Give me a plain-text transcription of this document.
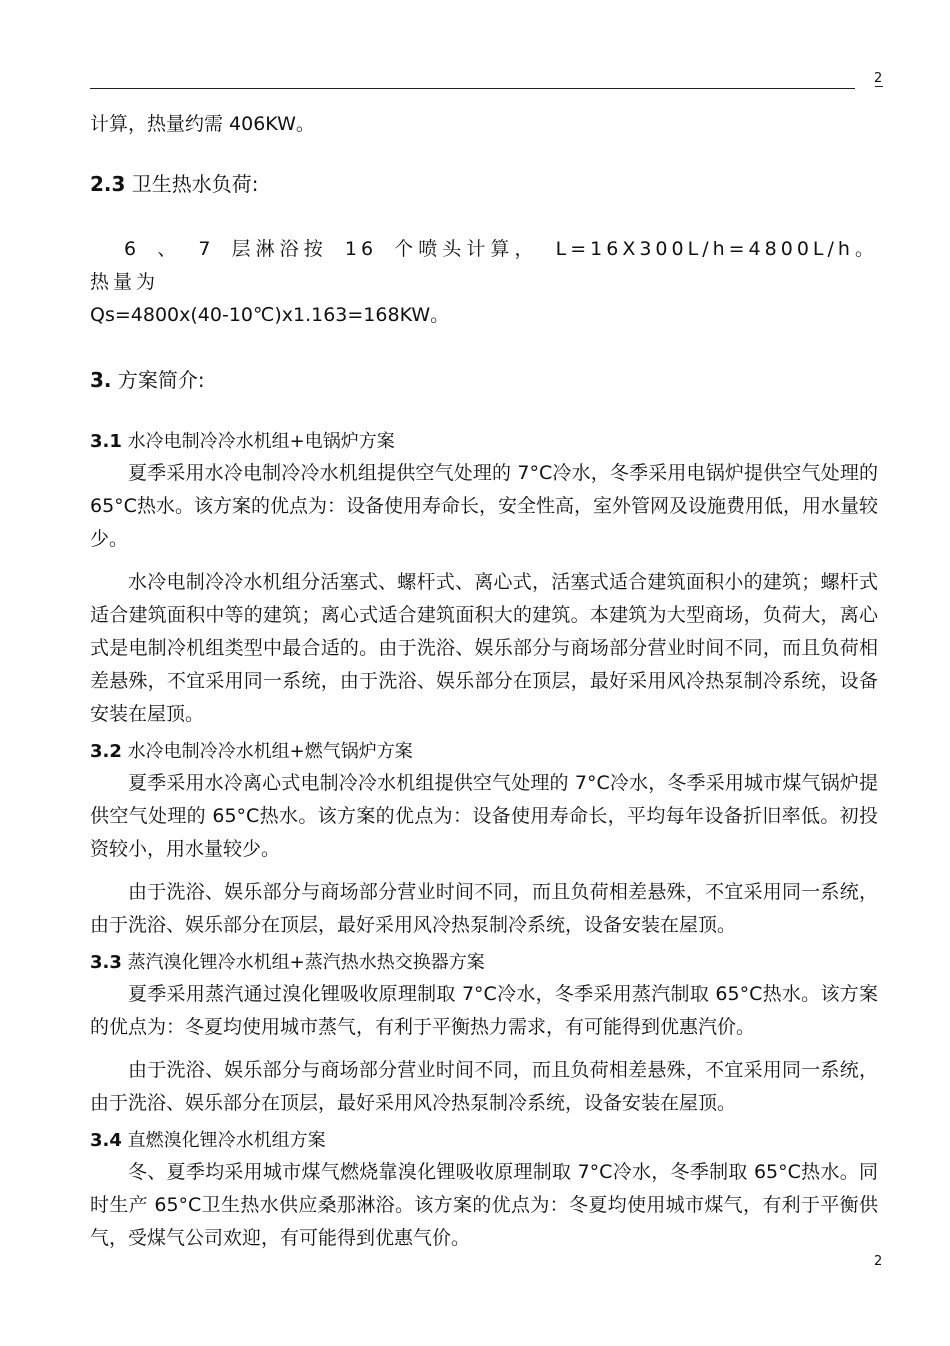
2

计算，热量约需 406KW。

2.3 卫生热水负荷:

6 、 7 层淋浴按 16 个喷头计算， L=16X300L/h=4800L/h。热量为

Qs=4800x(40-10℃)x1.163=168KW。

3. 方案简介:

3.1 水冷电制冷冷水机组+电锅炉方案

夏季采用水冷电制冷冷水机组提供空气处理的 7°C冷水，冬季采用电锅炉提供空气处理的 65°C热水。该方案的优点为：设备使用寿命长，安全性高，室外管网及设施费用低，用水量较少。

水冷电制冷冷水机组分活塞式、螺杆式、离心式，活塞式适合建筑面积小的建筑；螺杆式适合建筑面积中等的建筑；离心式适合建筑面积大的建筑。本建筑为大型商场，负荷大，离心式是电制冷机组类型中最合适的。由于洗浴、娱乐部分与商场部分营业时间不同，而且负荷相差悬殊，不宜采用同一系统，由于洗浴、娱乐部分在顶层，最好采用风冷热泵制冷系统，设备安装在屋顶。

3.2 水冷电制冷冷水机组+燃气锅炉方案

夏季采用水冷离心式电制冷冷水机组提供空气处理的 7°C冷水，冬季采用城市煤气锅炉提供空气处理的 65°C热水。该方案的优点为：设备使用寿命长，平均每年设备折旧率低。初投资较小，用水量较少。

由于洗浴、娱乐部分与商场部分营业时间不同，而且负荷相差悬殊，不宜采用同一系统，由于洗浴、娱乐部分在顶层，最好采用风冷热泵制冷系统，设备安装在屋顶。

3.3 蒸汽溴化锂冷水机组+蒸汽热水热交换器方案

夏季采用蒸汽通过溴化锂吸收原理制取 7°C冷水，冬季采用蒸汽制取 65°C热水。该方案的优点为：冬夏均使用城市蒸气，有利于平衡热力需求，有可能得到优惠汽价。

由于洗浴、娱乐部分与商场部分营业时间不同，而且负荷相差悬殊，不宜采用同一系统，由于洗浴、娱乐部分在顶层，最好采用风冷热泵制冷系统，设备安装在屋顶。

3.4 直燃溴化锂冷水机组方案

冬、夏季均采用城市煤气燃烧靠溴化锂吸收原理制取 7°C冷水，冬季制取 65°C热水。同时生产 65°C卫生热水供应桑那淋浴。该方案的优点为：冬夏均使用城市煤气，有利于平衡供气，受煤气公司欢迎，有可能得到优惠气价。

2
